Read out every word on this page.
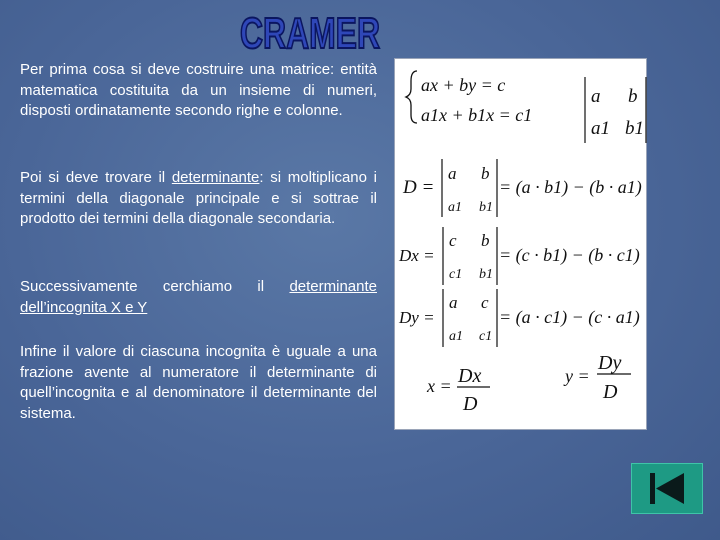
CRAMER
Per prima cosa si deve costruire una matrice: entità matematica costituita da un insieme di numeri, disposti ordinatamente secondo righe e colonne.
Poi si deve trovare il determinante: si moltiplicano i termini della diagonale principale e si sottrae il prodotto dei termini della diagonale secondaria.
Successivamente cerchiamo il determinante dell’incognita X e Y
Infine il valore di ciascuna incognita è uguale a una frazione avente al numeratore il determinante di quell’incognita e al denominatore il determinante del sistema.
ax + by = c
a1x + b1x = c1
a b
a1 b1
D =
a b
a1 b1
= (a · b1) − (b · a1)
Dx =
c b
c1 b1
= (c · b1) − (b · c1)
Dy =
a c
a1 c1
= (a · c1) − (c · a1)
x = Dx
D
y =
Dy
D
